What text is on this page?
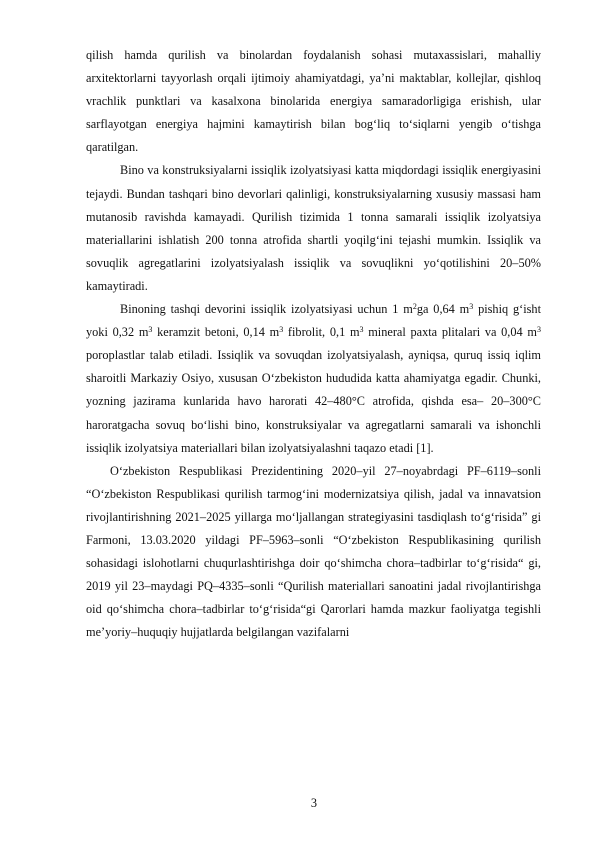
qilish hamda qurilish va binolardan foydalanish sohasi mutaxassislari, mahalliy arxitektorlarni tayyorlash orqali ijtimoiy ahamiyatdagi, ya’ni maktablar, kollejlar, qishloq vrachlik punktlari va kasalxona binolarida energiya samaradorligiga erishish, ular sarflayotgan energiya hajmini kamaytirish bilan bog‘liq to‘siqlarni yengib o‘tishga qaratilgan.

Bino va konstruksiyalarni issiqlik izolyatsiyasi katta miqdordagi issiqlik energiyasini tejaydi. Bundan tashqari bino devorlari qalinligi, konstruksiyalarning xususiy massasi ham mutanosib ravishda kamayadi. Qurilish tizimida 1 tonna samarali issiqlik izolyatsiya materiallarini ishlatish 200 tonna atrofida shartli yoqilg‘ini tejashi mumkin. Issiqlik va sovuqlik agregatlarini izolyatsiyalash issiqlik va sovuqlikni yo‘qotilishini 20–50% kamaytiradi.

Binoning tashqi devorini issiqlik izolyatsiyasi uchun 1 $m^2ga$ 0,64 $m^3$ pishiq g‘isht yoki 0,32 $m^3$ keramzit betoni, 0,14 $m^3$ fibrolit, 0,1 $m^3$ mineral paxta plitalari va 0,04 $m^3$ poroplastlar talab etiladi. Issiqlik va sovuqdan izolyatsiyalash, ayniqsa, quruq issiq iqlim sharoitli Markaziy Osiyo, xususan O‘zbekiston hududida katta ahamiyatga egadir. Chunki, yozning jazirama kunlarida havo harorati 42–480°C atrofida, qishda esa– 20–300°C haroratgacha sovuq bo‘lishi bino, konstruksiyalar va agregatlarni samarali va ishonchli issiqlik izolyatsiya materiallari bilan izolyatsiyalashni taqazo etadi [1].

O‘zbekiston Respublikasi Prezidentining 2020–yil 27–noyabrdagi PF–6119–sonli “O‘zbekiston Respublikasi qurilish tarmog‘ini modernizatsiya qilish, jadal va innavatsion rivojlantirishning 2021–2025 yillarga mo‘ljallangan strategiyasini tasdiqlash to‘g‘risida” gi Farmoni, 13.03.2020 yildagi PF–5963–sonli “O‘zbekiston Respublikasining qurilish sohasidagi islohotlarni chuqurlashtirishga doir qo‘shimcha chora–tadbirlar to‘g‘risida“ gi, 2019 yil 23–maydagi PQ–4335–sonli “Qurilish materiallari sanoatini jadal rivojlantirishga oid qo‘shimcha chora–tadbirlar to‘g‘risida“gi Qarorlari hamda mazkur faoliyatga tegishli me’yoriy–huquqiy hujjatlarda belgilangan vazifalarni

3
